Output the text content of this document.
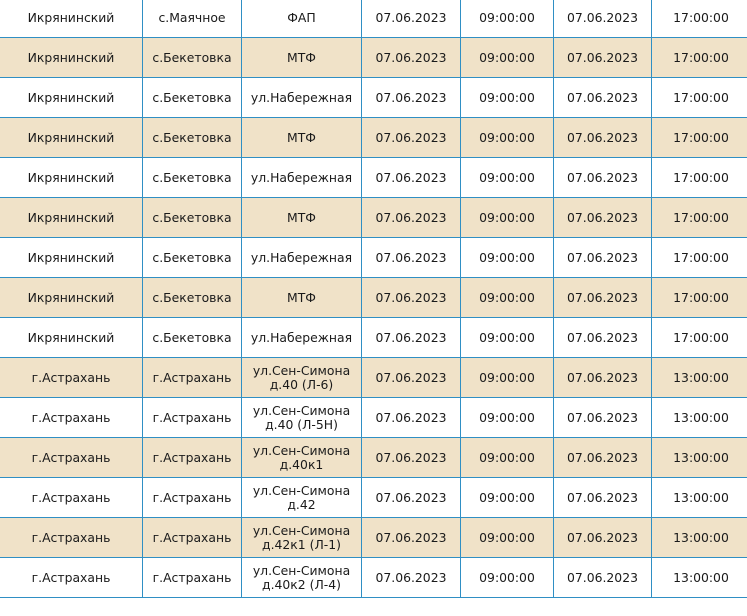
Икрянинский	с.Маячное	ФАП	07.06.2023	09:00:00	07.06.2023	17:00:00
Икрянинский	с.Бекетовка	МТФ	07.06.2023	09:00:00	07.06.2023	17:00:00
Икрянинский	с.Бекетовка	ул.Набережная	07.06.2023	09:00:00	07.06.2023	17:00:00
Икрянинский	с.Бекетовка	МТФ	07.06.2023	09:00:00	07.06.2023	17:00:00
Икрянинский	с.Бекетовка	ул.Набережная	07.06.2023	09:00:00	07.06.2023	17:00:00
Икрянинский	с.Бекетовка	МТФ	07.06.2023	09:00:00	07.06.2023	17:00:00
Икрянинский	с.Бекетовка	ул.Набережная	07.06.2023	09:00:00	07.06.2023	17:00:00
Икрянинский	с.Бекетовка	МТФ	07.06.2023	09:00:00	07.06.2023	17:00:00
Икрянинский	с.Бекетовка	ул.Набережная	07.06.2023	09:00:00	07.06.2023	17:00:00
г.Астрахань	г.Астрахань	ул.Сен-Симона д.40 (Л-6)	07.06.2023	09:00:00	07.06.2023	13:00:00
г.Астрахань	г.Астрахань	ул.Сен-Симона д.40 (Л-5Н)	07.06.2023	09:00:00	07.06.2023	13:00:00
г.Астрахань	г.Астрахань	ул.Сен-Симона д.40к1	07.06.2023	09:00:00	07.06.2023	13:00:00
г.Астрахань	г.Астрахань	ул.Сен-Симона д.42	07.06.2023	09:00:00	07.06.2023	13:00:00
г.Астрахань	г.Астрахань	ул.Сен-Симона д.42к1 (Л-1)	07.06.2023	09:00:00	07.06.2023	13:00:00
г.Астрахань	г.Астрахань	ул.Сен-Симона д.40к2 (Л-4)	07.06.2023	09:00:00	07.06.2023	13:00:00
